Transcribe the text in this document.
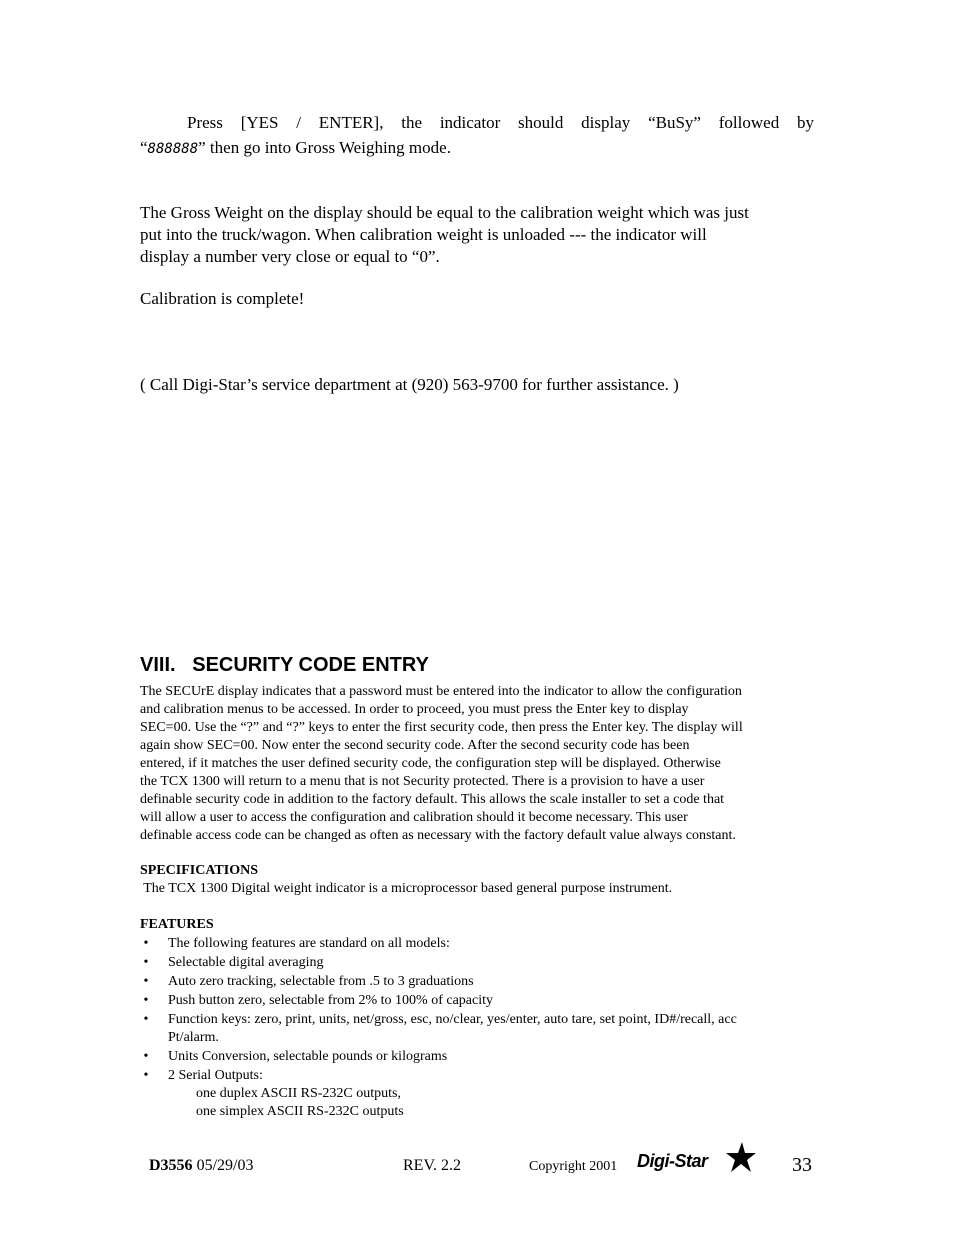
Press [YES / ENTER], the indicator should display “BuSy” followed by
“888888” then go into Gross Weighing mode.
The Gross Weight on the display should be equal to the calibration weight which was just
put into the truck/wagon. When calibration weight is unloaded --- the indicator will
display a number very close or equal to “0”.
Calibration is complete!
( Call Digi-Star’s service department at (920) 563-9700 for further assistance. )
VIII.   SECURITY CODE ENTRY
The SECUrE display indicates that a password must be entered into the indicator to allow the configuration
and calibration menus to be accessed. In order to proceed, you must press the Enter key to display
SEC=00. Use the “?” and “?” keys to enter the first security code, then press the Enter key. The display will
again show SEC=00. Now enter the second security code. After the second security code has been
entered, if it matches the user defined security code, the configuration step will be displayed. Otherwise
the TCX 1300 will return to a menu that is not Security protected. There is a provision to have a user
definable security code in addition to the factory default. This allows the scale installer to set a code that
will allow a user to access the configuration and calibration should it become necessary. This user
definable access code can be changed as often as necessary with the factory default value always constant.
SPECIFICATIONS
The TCX 1300 Digital weight indicator is a microprocessor based general purpose instrument.
FEATURES
• The following features are standard on all models:
• Selectable digital averaging
• Auto zero tracking, selectable from .5 to 3 graduations
• Push button zero, selectable from 2% to 100% of capacity
• Function keys: zero, print, units, net/gross, esc, no/clear, yes/enter, auto tare, set point, ID#/recall, acc
Pt/alarm.
• Units Conversion, selectable pounds or kilograms
• 2 Serial Outputs:
one duplex ASCII RS-232C outputs,
one simplex ASCII RS-232C outputs
D3556 05/29/03	REV. 2.2	Copyright 2001 Digi-Star	33
